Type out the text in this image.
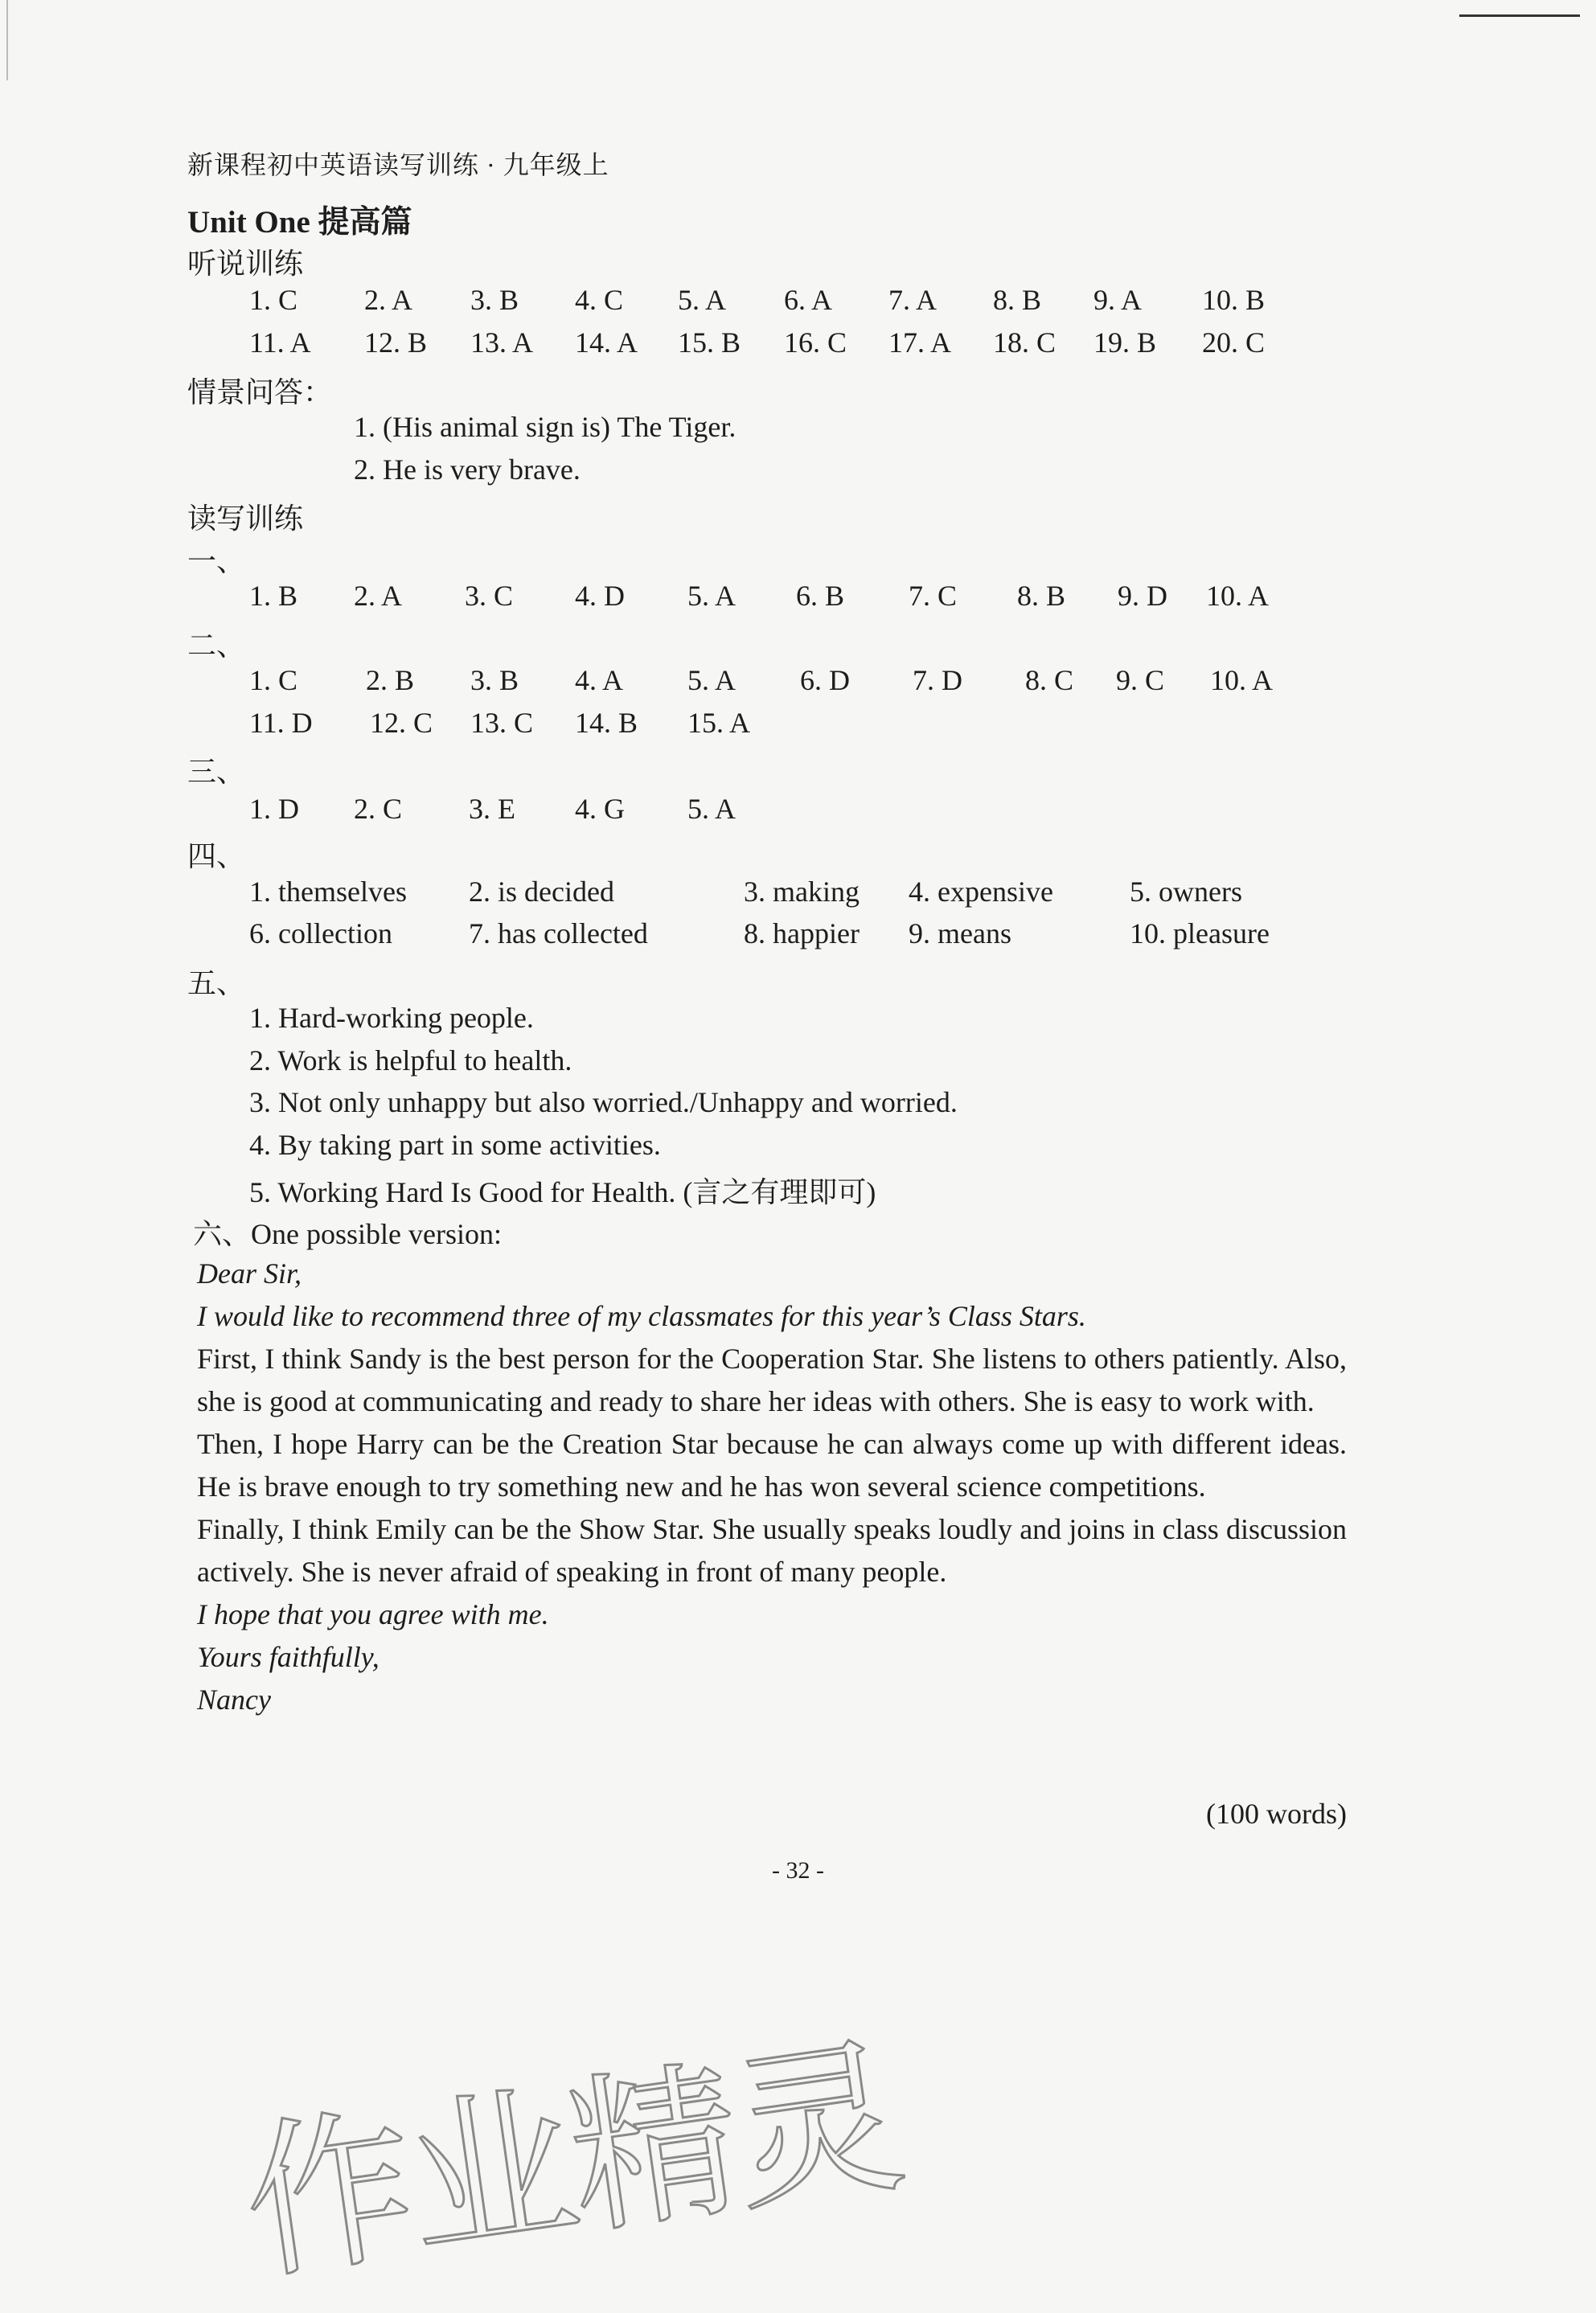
新课程初中英语读写训练 · 九年级上
Unit One 提高篇
听说训练
1. C 2. A 3. B 4. C 5. A 6. A 7. A 8. B 9. A 10. B
11. A 12. B 13. A 14. A 15. B 16. C 17. A 18. C 19. B 20. C
情景问答：
1. (His animal sign is) The Tiger.
2. He is very brave.
读写训练
一、
1. B 2. A 3. C 4. D 5. A 6. B 7. C 8. B 9. D 10. A
二、
1. C 2. B 3. B 4. A 5. A 6. D 7. D 8. C 9. C 10. A
11. D 12. C 13. C 14. B 15. A
三、
1. D 2. C 3. E 4. G 5. A
四、
1. themselves 2. is decided	3. making 4. expensive	5. owners
6. collection	7. has collected	8. happier 9. means	10. pleasure
五、
1. Hard-working people.
2. Work is helpful to health.
3. Not only unhappy but also worried./Unhappy and worried.
4. By taking part in some activities.
5. Working Hard Is Good for Health. (言之有理即可)
六、One possible version:
Dear Sir,
I would like to recommend three of my classmates for this year’s Class Stars.
First, I think Sandy is the best person for the Cooperation Star. She listens to others patiently. Also, she is good at communicating and ready to share her ideas with others. She is easy to work with.
Then, I hope Harry can be the Creation Star because he can always come up with different ideas. He is brave enough to try something new and he has won several science competitions.
Finally, I think Emily can be the Show Star. She usually speaks loudly and joins in class discussion actively. She is never afraid of speaking in front of many people.
I hope that you agree with me.
Yours faithfully,
Nancy
(100 words)
- 32 -
作业精灵
